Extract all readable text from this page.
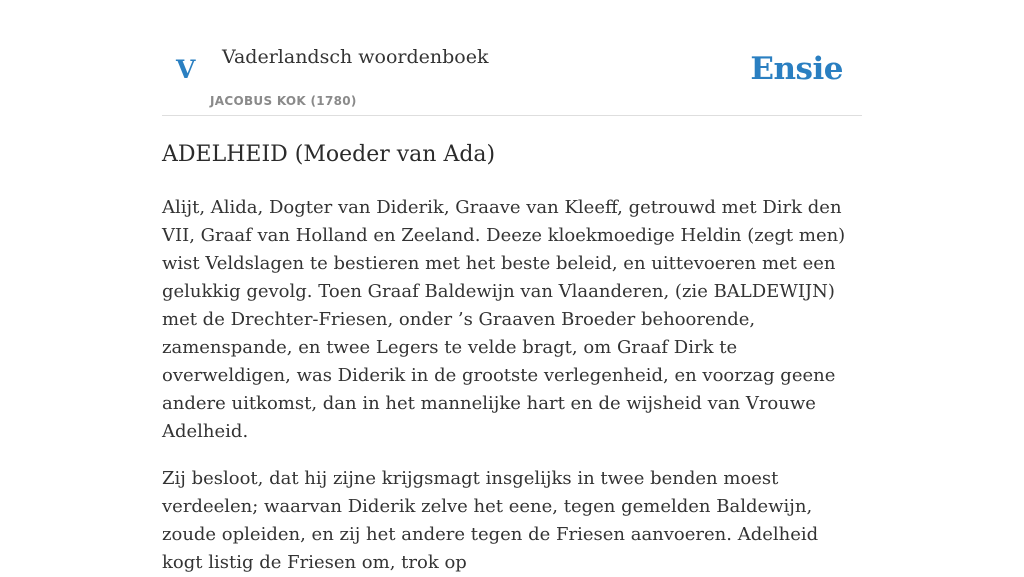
V Vaderlandsch woordenboek
JACOBUS KOK (1780)
Ensie
ADELHEID (Moeder van Ada)

Alijt, Alida, Dogter van Diderik, Graave van Kleeff, getrouwd met Dirk den VII, Graaf van Holland en Zeeland. Deeze kloekmoedige Heldin (zegt men) wist Veldslagen te bestieren met het beste beleid, en uittevoeren met een gelukkig gevolg. Toen Graaf Baldewijn van Vlaanderen, (zie BALDEWIJN) met de Drechter-Friesen, onder ’s Graaven Broeder behoorende, zamenspande, en twee Legers te velde bragt, om Graaf Dirk te overweldigen, was Diderik in de grootste verlegenheid, en voorzag geene andere uitkomst, dan in het mannelijke hart en de wijsheid van Vrouwe Adelheid.

Zij besloot, dat hij zijne krijgsmagt insgelijks in twee benden moest verdeelen; waarvan Diderik zelve het eene, tegen gemelden Baldewijn, zoude opleiden, en zij het andere tegen de Friesen aanvoeren. Adelheid kogt listig de Friesen om, trok op
